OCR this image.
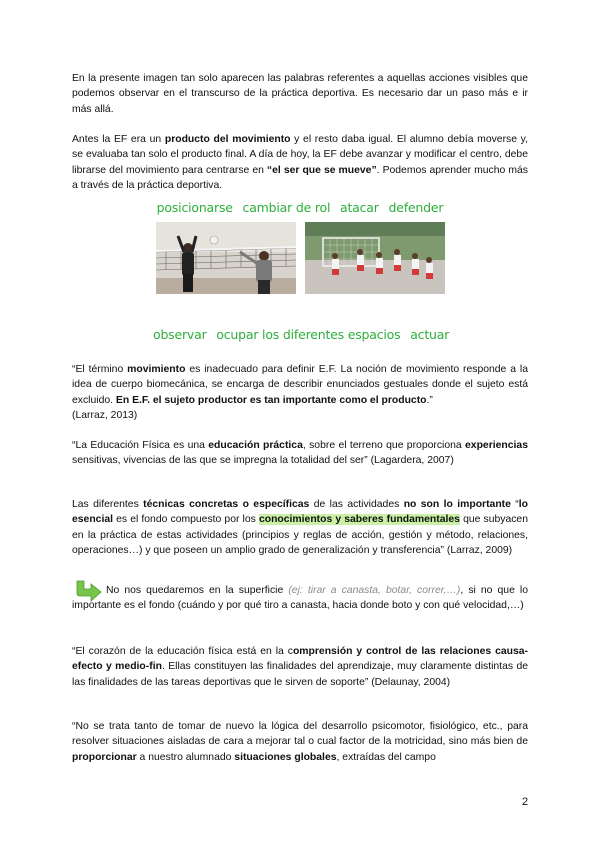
En la presente imagen tan solo aparecen las palabras referentes a aquellas acciones visibles que podemos observar en el transcurso de la práctica deportiva. Es necesario dar un paso más e ir más allá.

Antes la EF era un producto del movimiento y el resto daba igual. El alumno debía moverse y, se evaluaba tan solo el producto final. A día de hoy, la EF debe avanzar y modificar el centro, debe librarse del movimiento para centrarse en “el ser que se mueve”. Podemos aprender mucho más a través de la práctica deportiva.

posicionarse cambiar de rol atacar defender
observar ocupar los diferentes espacios actuar

“El término movimiento es inadecuado para definir E.F. La noción de movimiento responde a la idea de cuerpo biomecánica, se encarga de describir enunciados gestuales donde el sujeto está excluido. En E.F. el sujeto productor es tan importante como el producto.”
(Larraz, 2013)

“La Educación Física es una educación práctica, sobre el terreno que proporciona experiencias sensitivas, vivencias de las que se impregna la totalidad del ser” (Lagardera, 2007)

Las diferentes técnicas concretas o específicas de las actividades no son lo importante “lo esencial es el fondo compuesto por los conocimientos y saberes fundamentales que subyacen en la práctica de estas actividades (principios y reglas de acción, gestión y método, relaciones, operaciones…) y que poseen un amplio grado de generalización y transferencia” (Larraz, 2009)

No nos quedaremos en la superficie (ej: tirar a canasta, botar, correr,…), si no que lo importante es el fondo (cuándo y por qué tiro a canasta, hacia donde boto y con qué velocidad,…)

“El corazón de la educación física está en la comprensión y control de las relaciones causa-efecto y medio-fin. Ellas constituyen las finalidades del aprendizaje, muy claramente distintas de las finalidades de las tareas deportivas que le sirven de soporte” (Delaunay, 2004)

“No se trata tanto de tomar de nuevo la lógica del desarrollo psicomotor, fisiológico, etc., para resolver situaciones aisladas de cara a mejorar tal o cual factor de la motricidad, sino más bien de proporcionar a nuestro alumnado situaciones globales, extraídas del campo

2
